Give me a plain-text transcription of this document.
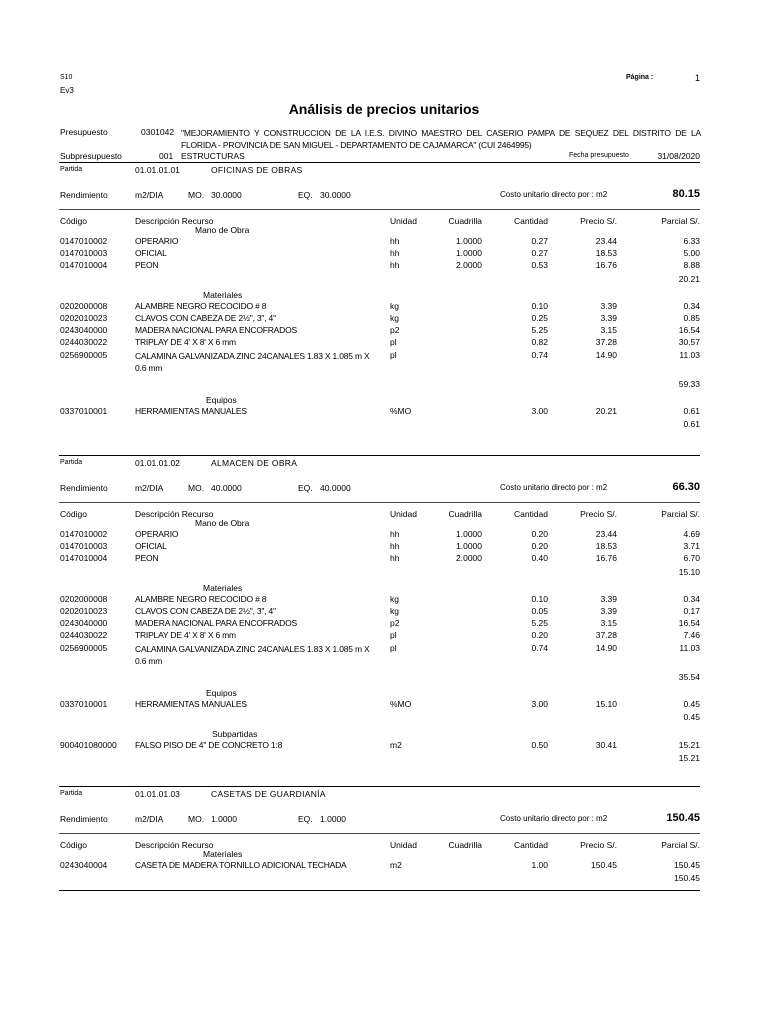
S10
Ev3
Página :	1
Análisis de precios unitarios
Presupuesto	0301042 "MEJORAMIENTO Y CONSTRUCCION DE LA I.E.S. DIVINO MAESTRO DEL CASERIO PAMPA DE SEQUEZ DEL DISTRITO DE LA FLORIDA - PROVINCIA DE SAN MIGUEL - DEPARTAMENTO DE CAJAMARCA" (CUI 2464995)
Subpresupuesto	001 ESTRUCTURAS	Fecha presupuesto	31/08/2020
Partida	01.01.01.01	OFICINAS DE OBRAS
Rendimiento	m2/DIA	MO. 30.0000	EQ. 30.0000	Costo unitario directo por : m2	80.15
Código	Descripción Recurso	Unidad	Cuadrilla	Cantidad	Precio S/.	Parcial S/.
Mano de Obra
0147010002	OPERARIO	hh	1.0000	0.27	23.44	6.33
0147010003	OFICIAL	hh	1.0000	0.27	18.53	5.00
0147010004	PEON	hh	2.0000	0.53	16.76	8.88
20.21
Materiales
0202000008	ALAMBRE NEGRO RECOCIDO # 8	kg	0.10	3.39	0.34
0202010023	CLAVOS CON CABEZA DE 2½", 3", 4"	kg	0.25	3.39	0.85
0243040000	MADERA NACIONAL PARA ENCOFRADOS	p2	5.25	3.15	16.54
0244030022	TRIPLAY DE 4' X 8' X 6 mm	pl	0.82	37.28	30.57
0256900005	CALAMINA GALVANIZADA ZINC 24CANALES 1.83 X 1.085 m X 0.6 mm
pl	0.74	14.90	11.03
59.33
Equipos
0337010001	HERRAMIENTAS MANUALES	%MO	3.00	20.21	0.61
0.61
Partida	01.01.01.02	ALMACEN DE OBRA
Rendimiento	m2/DIA	MO. 40.0000	EQ. 40.0000	Costo unitario directo por : m2	66.30
Código	Descripción Recurso	Unidad	Cuadrilla	Cantidad	Precio S/.	Parcial S/.
Mano de Obra
0147010002	OPERARIO	hh	1.0000	0.20	23.44	4.69
0147010003	OFICIAL	hh	1.0000	0.20	18.53	3.71
0147010004	PEON	hh	2.0000	0.40	16.76	6.70
15.10
Materiales
0202000008	ALAMBRE NEGRO RECOCIDO # 8	kg	0.10	3.39	0.34
0202010023	CLAVOS CON CABEZA DE 2½", 3", 4"	kg	0.05	3.39	0.17
0243040000	MADERA NACIONAL PARA ENCOFRADOS	p2	5.25	3.15	16.54
0244030022	TRIPLAY DE 4' X 8' X 6 mm	pl	0.20	37.28	7.46
0256900005	CALAMINA GALVANIZADA ZINC 24CANALES 1.83 X 1.085 m X 0.6 mm
pl	0.74	14.90	11.03
35.54
Equipos
0337010001	HERRAMIENTAS MANUALES	%MO	3.00	15.10	0.45
0.45
Subpartidas
900401080000 FALSO PISO DE 4" DE CONCRETO 1:8	m2	0.50	30.41	15.21
15.21
Partida	01.01.01.03	CASETAS DE GUARDIANÍA
Rendimiento	m2/DIA	MO. 1.0000	EQ. 1.0000	Costo unitario directo por : m2	150.45
Código	Descripción Recurso	Unidad	Cuadrilla	Cantidad	Precio S/.	Parcial S/.
Materiales
0243040004	CASETA DE MADERA TORNILLO ADICIONAL TECHADA	m2	1.00	150.45	150.45
150.45
